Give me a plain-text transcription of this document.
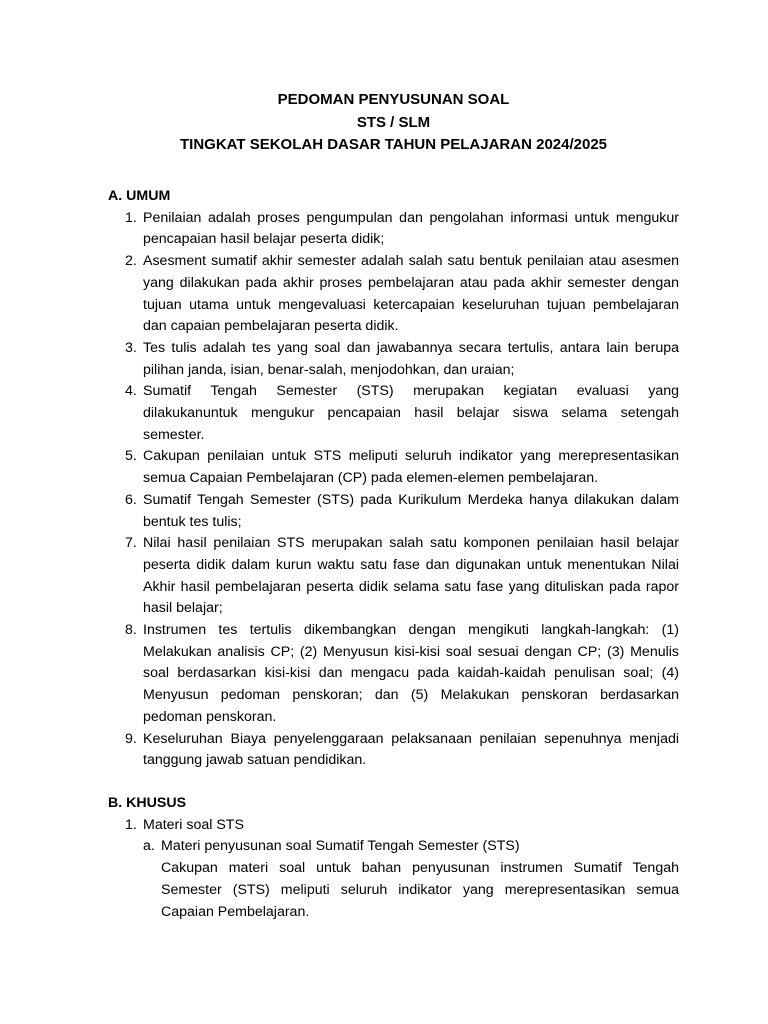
PEDOMAN PENYUSUNAN SOAL
STS / SLM
TINGKAT SEKOLAH DASAR TAHUN PELAJARAN 2024/2025
A. UMUM
1. Penilaian adalah proses pengumpulan dan pengolahan informasi untuk mengukur
pencapaian hasil belajar peserta didik;
2. Asesment sumatif akhir semester adalah salah satu bentuk penilaian atau asesmen
yang dilakukan pada akhir proses pembelajaran atau pada akhir semester dengan
tujuan utama untuk mengevaluasi ketercapaian keseluruhan tujuan pembelajaran
dan capaian pembelajaran peserta didik.
3. Tes tulis adalah tes yang soal dan jawabannya secara tertulis, antara lain berupa
pilihan janda, isian, benar-salah, menjodohkan, dan uraian;
4. Sumatif Tengah Semester (STS) merupakan kegiatan evaluasi yang
dilakukanuntuk mengukur pencapaian hasil belajar siswa selama setengah
semester.
5. Cakupan penilaian untuk STS meliputi seluruh indikator yang merepresentasikan
semua Capaian Pembelajaran (CP) pada elemen-elemen pembelajaran.
6. Sumatif Tengah Semester (STS) pada Kurikulum Merdeka hanya dilakukan dalam
bentuk tes tulis;
7. Nilai hasil penilaian STS merupakan salah satu komponen penilaian hasil belajar
peserta didik dalam kurun waktu satu fase dan digunakan untuk menentukan Nilai
Akhir hasil pembelajaran peserta didik selama satu fase yang dituliskan pada rapor
hasil belajar;
8. Instrumen tes tertulis dikembangkan dengan mengikuti langkah-langkah: (1)
Melakukan analisis CP; (2) Menyusun kisi-kisi soal sesuai dengan CP; (3) Menulis
soal berdasarkan kisi-kisi dan mengacu pada kaidah-kaidah penulisan soal; (4)
Menyusun pedoman penskoran; dan (5) Melakukan penskoran berdasarkan
pedoman penskoran.
9. Keseluruhan Biaya penyelenggaraan pelaksanaan penilaian sepenuhnya menjadi
tanggung jawab satuan pendidikan.
B. KHUSUS
1. Materi soal STS
a. Materi penyusunan soal Sumatif Tengah Semester (STS)
Cakupan materi soal untuk bahan penyusunan instrumen Sumatif Tengah
Semester (STS) meliputi seluruh indikator yang merepresentasikan semua
Capaian Pembelajaran.
